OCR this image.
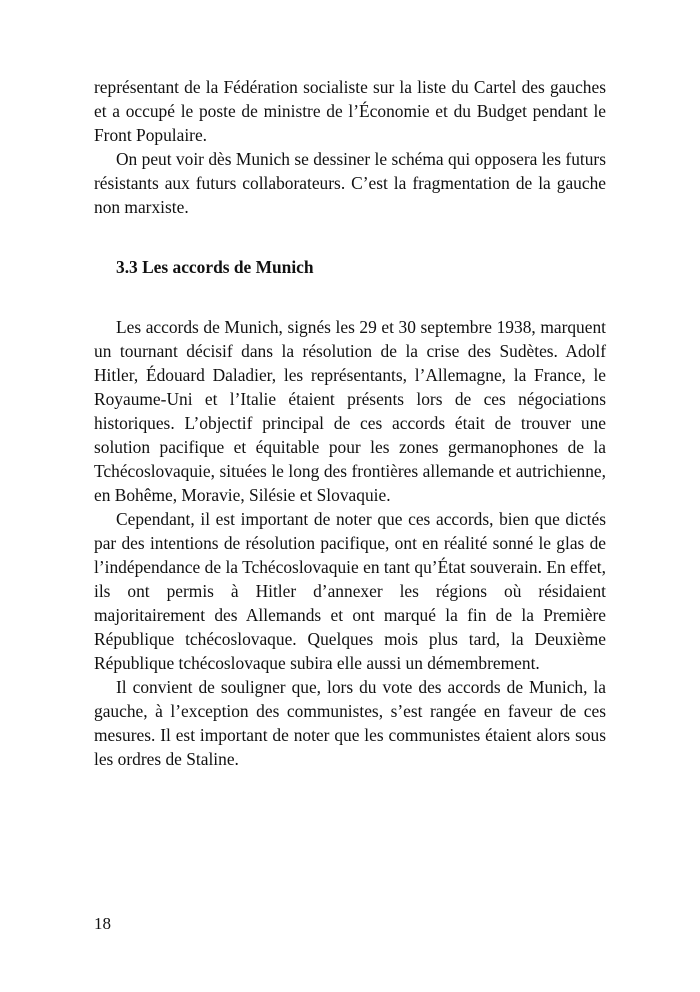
représentant de la Fédération socialiste sur la liste du Cartel des gauches et a occupé le poste de ministre de l’Économie et du Budget pendant le Front Populaire.

On peut voir dès Munich se dessiner le schéma qui opposera les futurs résistants aux futurs collaborateurs. C’est la fragmentation de la gauche non marxiste.

3.3 Les accords de Munich

Les accords de Munich, signés les 29 et 30 septembre 1938, marquent un tournant décisif dans la résolution de la crise des Sudètes. Adolf Hitler, Édouard Daladier, les représentants, l’Allemagne, la France, le Royaume-Uni et l’Italie étaient présents lors de ces négociations historiques. L’objectif principal de ces accords était de trouver une solution pacifique et équitable pour les zones germanophones de la Tchécoslovaquie, situées le long des frontières allemande et autrichienne, en Bohême, Moravie, Silésie et Slovaquie.

Cependant, il est important de noter que ces accords, bien que dictés par des intentions de résolution pacifique, ont en réalité sonné le glas de l’indépendance de la Tchécoslovaquie en tant qu’État souverain. En effet, ils ont permis à Hitler d’annexer les régions où résidaient majoritairement des Allemands et ont marqué la fin de la Première République tchécoslovaque. Quelques mois plus tard, la Deuxième République tchécoslovaque subira elle aussi un démembrement.

Il convient de souligner que, lors du vote des accords de Munich, la gauche, à l’exception des communistes, s’est rangée en faveur de ces mesures. Il est important de noter que les communistes étaient alors sous les ordres de Staline.

18
